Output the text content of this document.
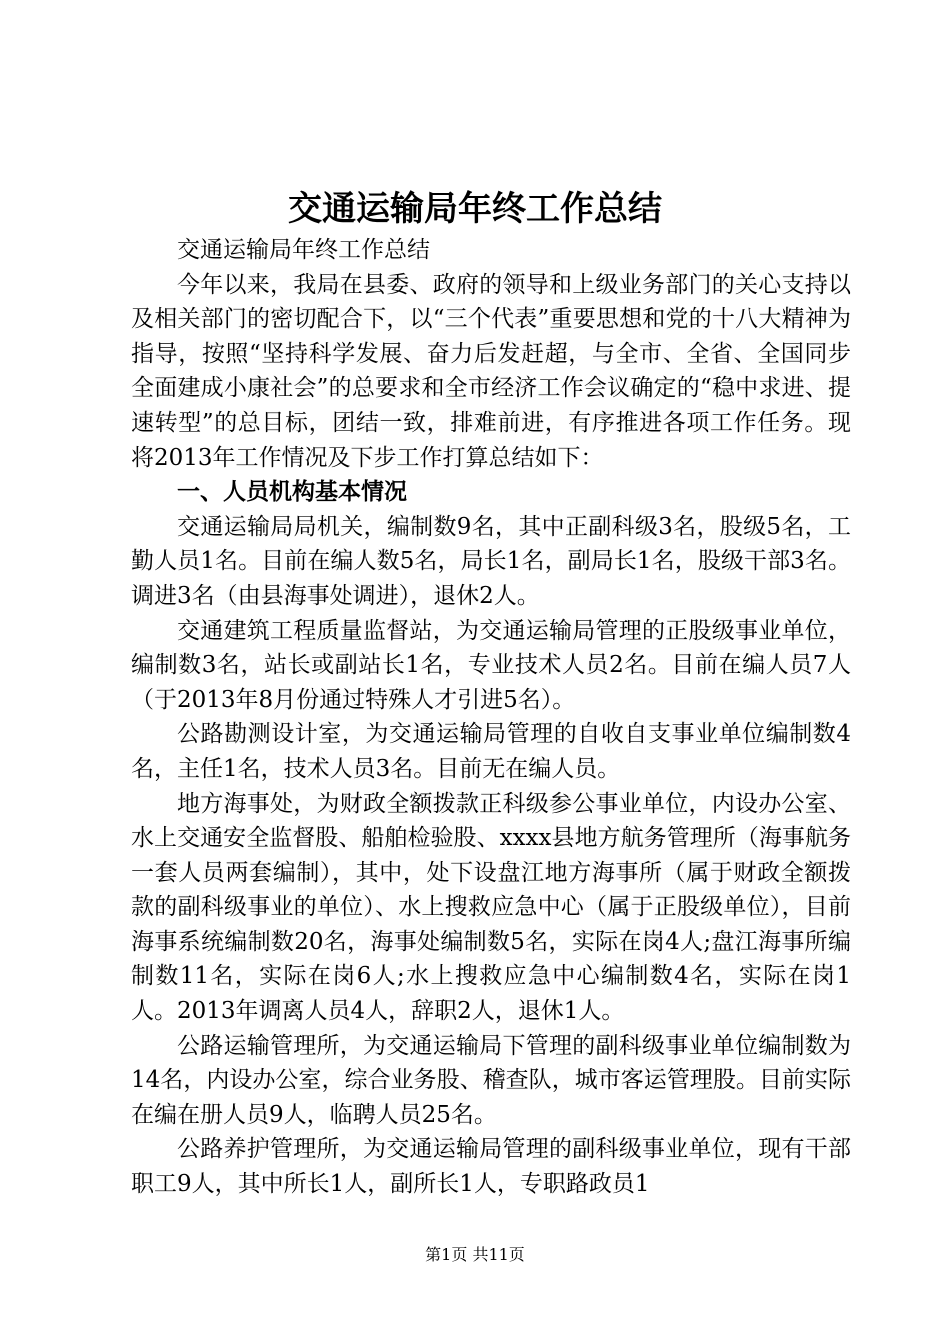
交通运输局年终工作总结

交通运输局年终工作总结

今年以来，我局在县委、政府的领导和上级业务部门的关心支持以及相关部门的密切配合下，以“三个代表”重要思想和党的十八大精神为指导，按照“坚持科学发展、奋力后发赶超，与全市、全省、全国同步全面建成小康社会”的总要求和全市经济工作会议确定的“稳中求进、提速转型”的总目标，团结一致，排难前进，有序推进各项工作任务。现将2013年工作情况及下步工作打算总结如下：

一、人员机构基本情况

交通运输局局机关，编制数9名，其中正副科级3名，股级5名，工勤人员1名。目前在编人数5名，局长1名，副局长1名，股级干部3名。调进3名（由县海事处调进），退休2人。

交通建筑工程质量监督站，为交通运输局管理的正股级事业单位，编制数3名，站长或副站长1名，专业技术人员2名。目前在编人员7人（于2013年8月份通过特殊人才引进5名）。

公路勘测设计室，为交通运输局管理的自收自支事业单位编制数4名，主任1名，技术人员3名。目前无在编人员。

地方海事处，为财政全额拨款正科级参公事业单位，内设办公室、水上交通安全监督股、船舶检验股、xxxx县地方航务管理所（海事航务一套人员两套编制），其中，处下设盘江地方海事所（属于财政全额拨款的副科级事业的单位）、水上搜救应急中心（属于正股级单位），目前海事系统编制数20名，海事处编制数5名，实际在岗4人;盘江海事所编制数11名，实际在岗6人;水上搜救应急中心编制数4名，实际在岗1人。2013年调离人员4人，辞职2人，退休1人。

公路运输管理所，为交通运输局下管理的副科级事业单位编制数为14名，内设办公室，综合业务股、稽查队，城市客运管理股。目前实际在编在册人员9人，临聘人员25名。

公路养护管理所，为交通运输局管理的副科级事业单位，现有干部职工9人，其中所长1人，副所长1人，专职路政员1

第1页 共11页
